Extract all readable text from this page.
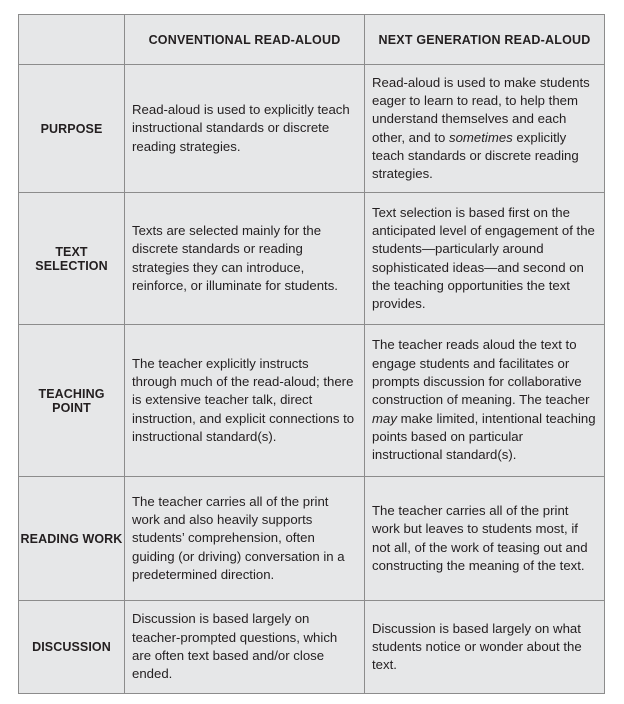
	CONVENTIONAL READ-ALOUD	NEXT GENERATION READ-ALOUD
PURPOSE	Read-aloud is used to explicitly teach instructional standards or discrete reading strategies.	Read-aloud is used to make students eager to learn to read, to help them understand themselves and each other, and to sometimes explicitly teach standards or discrete reading strategies.

TEXT SELECTION	Texts are selected mainly for the discrete standards or reading strategies they can introduce, reinforce, or illuminate for students.	Text selection is based first on the anticipated level of engagement of the students—particularly around sophisticated ideas—and second on the teaching opportunities the text provides.

TEACHING POINT	The teacher explicitly instructs through much of the read-aloud; there is extensive teacher talk, direct instruction, and explicit connections to instructional standard(s).	The teacher reads aloud the text to engage students and facilitates or prompts discussion for collaborative construction of meaning. The teacher may make limited, intentional teaching points based on particular instructional standard(s).

READING WORK	The teacher carries all of the print work and also heavily supports students’ comprehension, often guiding (or driving) conversation in a predetermined direction.	The teacher carries all of the print work but leaves to students most, if not all, of the work of teasing out and constructing the meaning of the text.

DISCUSSION	Discussion is based largely on teacher-prompted questions, which are often text based and/or close ended.	Discussion is based largely on what students notice or wonder about the text.
